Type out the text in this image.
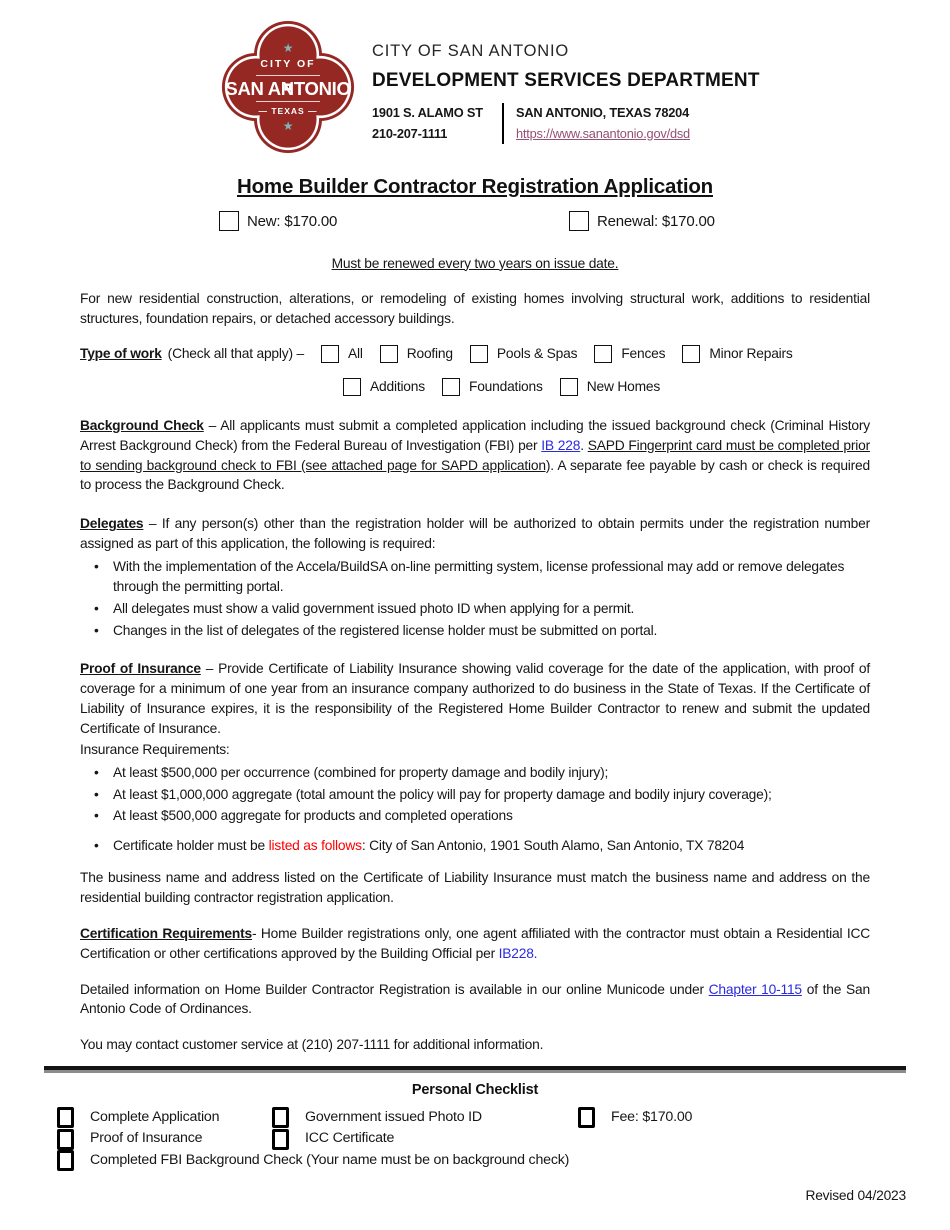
★
CITY OF
SAN ANTONIO
— TEXAS —
★
CITY OF SAN ANTONIO
DEVELOPMENT SERVICES DEPARTMENT
1901 S. ALAMO ST
210-207-1111
SAN ANTONIO, TEXAS 78204
https://www.sanantonio.gov/dsd
Home Builder Contractor Registration Application
New: $170.00	Renewal: $170.00
Must be renewed every two years on issue date.

For new residential construction, alterations, or remodeling of existing homes involving structural work, additions to residential structures, foundation repairs, or detached accessory buildings.

Type of work (Check all that apply) –	All	Roofing	Pools & Spas	Fences	Minor Repairs
Additions	Foundations	New Homes

Background Check – All applicants must submit a completed application including the issued background check (Criminal History Arrest Background Check) from the Federal Bureau of Investigation (FBI) per IB 228. SAPD Fingerprint card must be completed prior to sending background check to FBI (see attached page for SAPD application). A separate fee payable by cash or check is required to process the Background Check.

Delegates – If any person(s) other than the registration holder will be authorized to obtain permits under the registration number assigned as part of this application, the following is required:

• With the implementation of the Accela/BuildSA on-line permitting system, license professional may add or remove delegates through the permitting portal.
• All delegates must show a valid government issued photo ID when applying for a permit.
• Changes in the list of delegates of the registered license holder must be submitted on portal.

Proof of Insurance – Provide Certificate of Liability Insurance showing valid coverage for the date of the application, with proof of coverage for a minimum of one year from an insurance company authorized to do business in the State of Texas. If the Certificate of Liability of Insurance expires, it is the responsibility of the Registered Home Builder Contractor to renew and submit the updated Certificate of Insurance.

Insurance Requirements:
• At least $500,000 per occurrence (combined for property damage and bodily injury);
• At least $1,000,000 aggregate (total amount the policy will pay for property damage and bodily injury coverage);
• At least $500,000 aggregate for products and completed operations
• Certificate holder must be listed as follows: City of San Antonio, 1901 South Alamo, San Antonio, TX 78204

The business name and address listed on the Certificate of Liability Insurance must match the business name and address on the residential building contractor registration application.

Certification Requirements- Home Builder registrations only, one agent affiliated with the contractor must obtain a Residential ICC Certification or other certifications approved by the Building Official per IB228.

Detailed information on Home Builder Contractor Registration is available in our online Municode under Chapter 10-115 of the San Antonio Code of Ordinances.

You may contact customer service at (210) 207-1111 for additional information.

Personal Checklist
Complete Application	Government issued Photo ID	Fee: $170.00
Proof of Insurance	ICC Certificate
Completed FBI Background Check (Your name must be on background check)
Revised 04/2023
